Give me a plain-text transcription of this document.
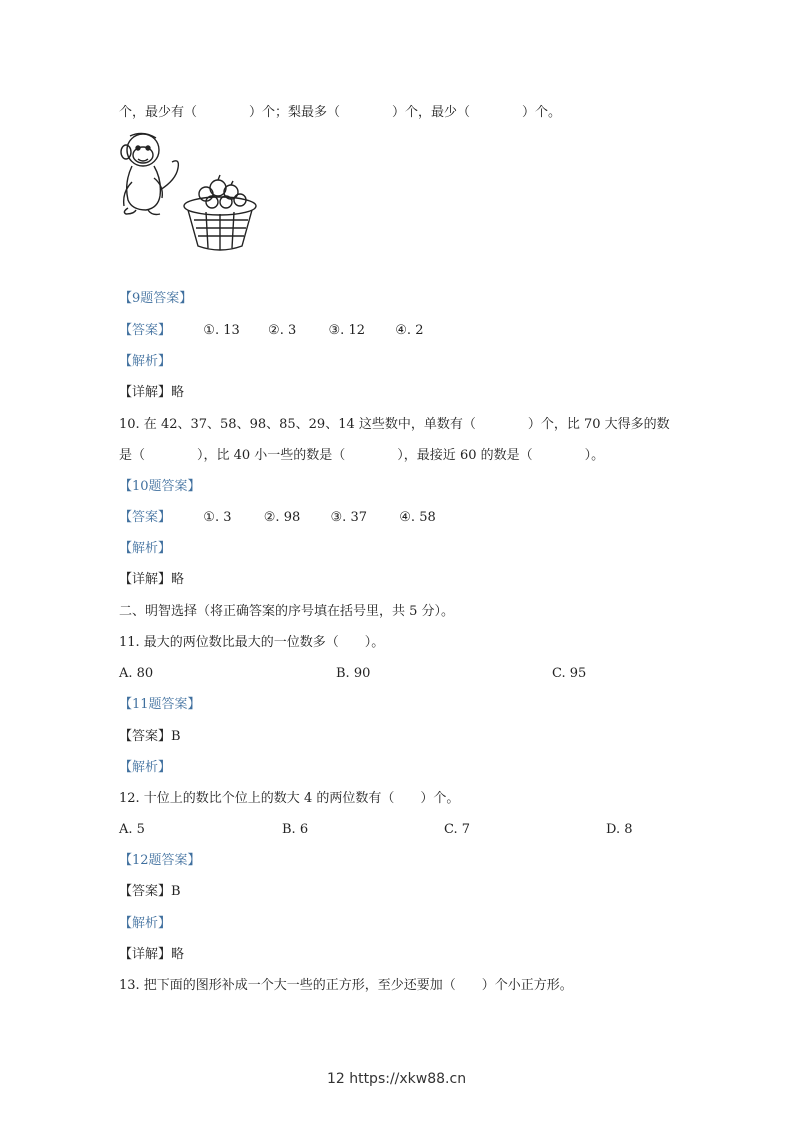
个，最少有（　　　　）个；梨最多（　　　　）个，最少（　　　　）个。
【9题答案】
【答案】 ①. 13 ②. 3 ③. 12 ④. 2
【解析】
【详解】略
10. 在 42、37、58、98、85、29、14 这些数中，单数有（　　　　）个，比 70 大得多的数
是（　　　　），比 40 小一些的数是（　　　　），最接近 60 的数是（　　　　）。
【10题答案】
【答案】 ①. 3 ②. 98 ③. 37 ④. 58
【解析】
【详解】略
二、明智选择（将正确答案的序号填在括号里，共 5 分）。
11. 最大的两位数比最大的一位数多（　　）。
A. 80	B. 90	C. 95
【11题答案】
【答案】B
【解析】
12. 十位上的数比个位上的数大 4 的两位数有（　　）个。
A. 5	B. 6	C. 7	D. 8
【12题答案】
【答案】B
【解析】
【详解】略
13. 把下面的图形补成一个大一些的正方形，至少还要加（　　）个小正方形。
12 https://xkw88.cn
